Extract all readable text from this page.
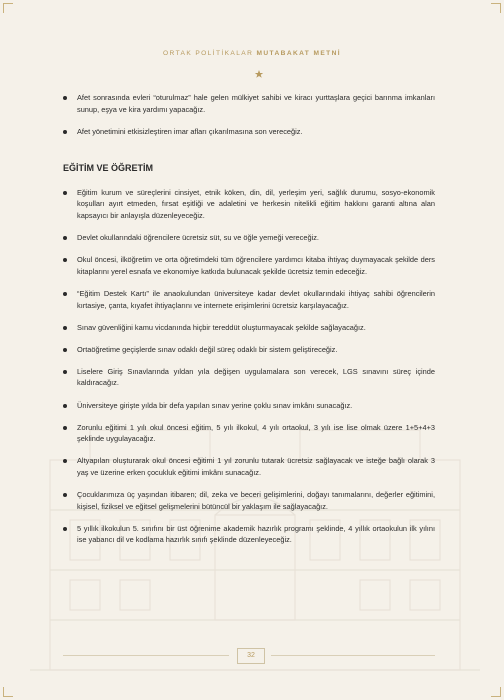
ORTAK POLİTİKALAR MUTABAKAT METNİ
Afet sonrasında evleri “oturulmaz” hale gelen mülkiyet sahibi ve kiracı yurttaşlara geçici barınma imkanları sunup, eşya ve kira yardımı yapacağız.
Afet yönetimini etkisizleştiren imar afları çıkarılmasına son vereceğiz.
EĞİTİM VE ÖĞRETİM
Eğitim kurum ve süreçlerini cinsiyet, etnik köken, din, dil, yerleşim yeri, sağlık durumu, sosyo-ekonomik koşulları ayırt etmeden, fırsat eşitliği ve adaletini ve herkesin nitelikli eğitim hakkını garanti altına alan kapsayıcı bir anlayışla düzenleyeceğiz.
Devlet okullarındaki öğrencilere ücretsiz süt, su ve öğle yemeği vereceğiz.
Okul öncesi, ilköğretim ve orta öğretimdeki tüm öğrencilere yardımcı kitaba ihtiyaç duymayacak şekilde ders kitaplarını yerel esnafa ve ekonomiye katkıda bulunacak şekilde ücretsiz temin edeceğiz.
“Eğitim Destek Kartı” ile anaokulundan üniversiteye kadar devlet okullarındaki ihtiyaç sahibi öğrencilerin kırtasiye, çanta, kıyafet ihtiyaçlarını ve internete erişimlerini ücretsiz karşılayacağız.
Sınav güvenliğini kamu vicdanında hiçbir tereddüt oluşturmayacak şekilde sağlayacağız.
Ortaöğretime geçişlerde sınav odaklı değil süreç odaklı bir sistem geliştireceğiz.
Liselere Giriş Sınavlarında yıldan yıla değişen uygulamalara son verecek, LGS sınavını süreç içinde kaldıracağız.
Üniversiteye girişte yılda bir defa yapılan sınav yerine çoklu sınav imkânı sunacağız.
Zorunlu eğitimi 1 yılı okul öncesi eğitim, 5 yılı ilkokul, 4 yılı ortaokul, 3 yılı ise lise olmak üzere 1+5+4+3 şeklinde uygulayacağız.
Altyapıları oluşturarak okul öncesi eğitimi 1 yıl zorunlu tutarak ücretsiz sağlayacak ve isteğe bağlı olarak 3 yaş ve üzerine erken çocukluk eğitimi imkânı sunacağız.
Çocuklarımıza üç yaşından itibaren; dil, zeka ve beceri gelişimlerini, doğayı tanımalarını, değerler eğitimini, kişisel, fiziksel ve eğitsel gelişmelerini bütüncül bir yaklaşım ile sağlayacağız.
5 yıllık ilkokulun 5. sınıfını bir üst öğrenime akademik hazırlık programı şeklinde, 4 yıllık ortaokulun ilk yılını ise yabancı dil ve kodlama hazırlık sınıfı şeklinde düzenleyeceğiz.
32
